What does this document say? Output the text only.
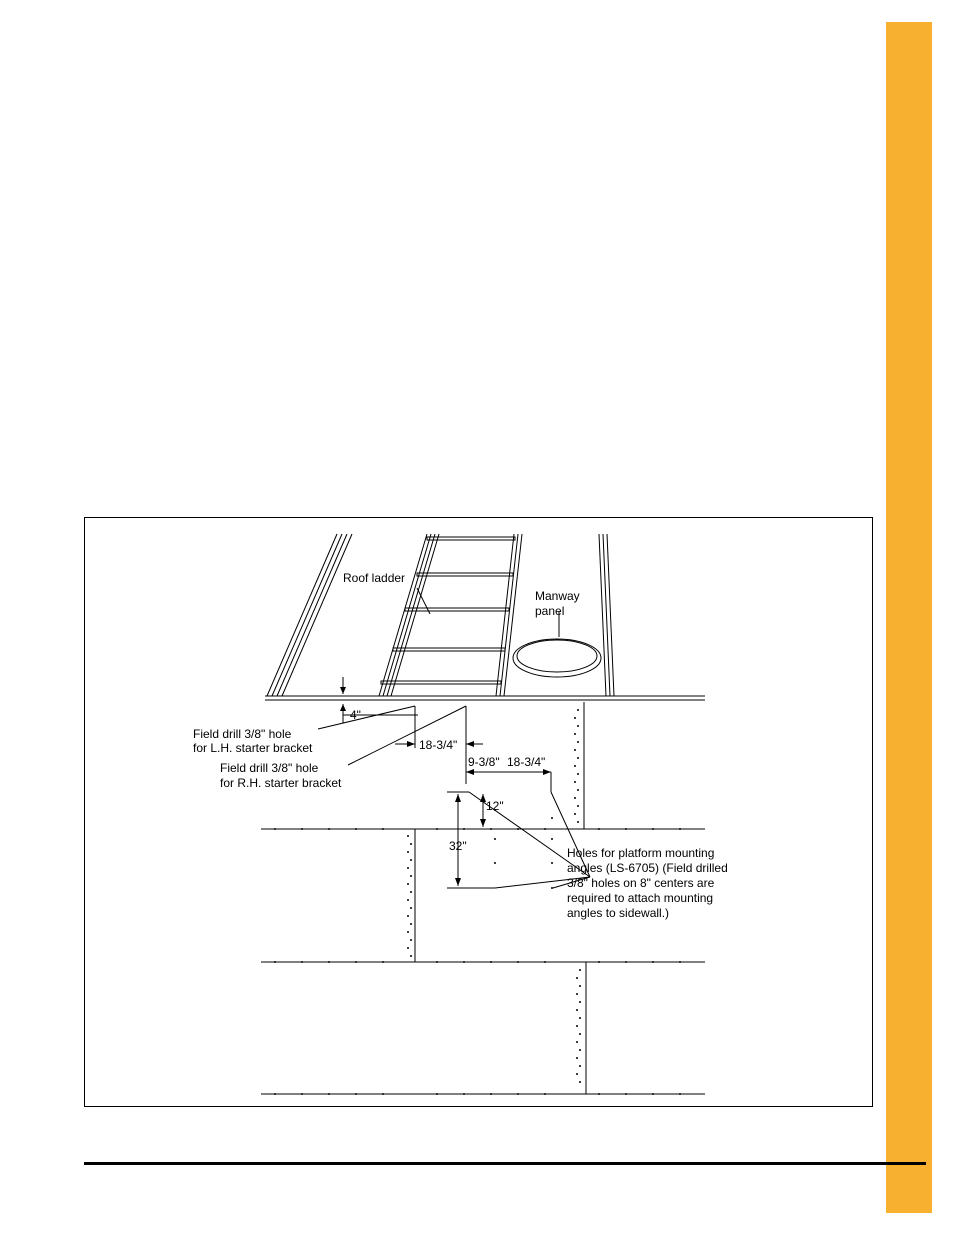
Roof ladder
Manway
panel
Field drill 3/8" hole
for L.H. starter bracket
Field drill 3/8" hole
for R.H. starter bracket
Holes for platform mounting
angles (LS-6705) (Field drilled
3/8" holes on 8" centers are
required to attach mounting
angles to sidewall.)
4"
18-3/4"
9-3/8" 18-3/4"
12"
32"
